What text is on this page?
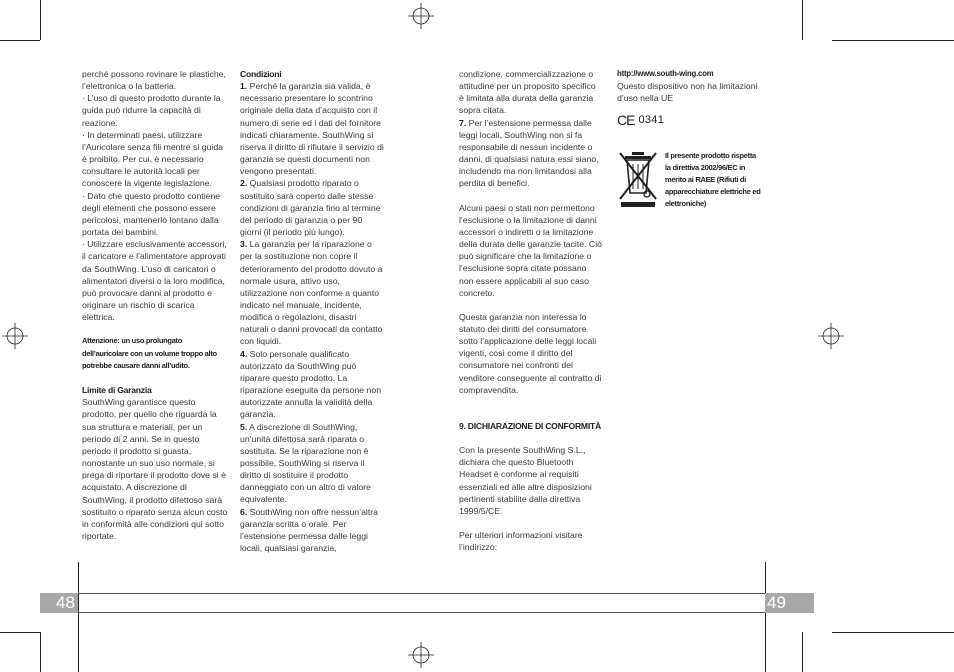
perché possono rovinare le plastiche, l’elettronica o la batteria.

· L’uso di questo prodotto durante la guida può ridurre la capacità di reazione.

· In determinati paesi, utilizzare l’Auricolare senza fili mentre si guida è proibito. Per cui, è necessario consultare le autorità locali per conoscere la vigente legislazione.

· Dato che questo prodotto contiene degli elementi che possono essere pericolosi, mantenerlo lontano dalla portata dei bambini.

· Utilizzare esclusivamente accessori, il caricatore e l’alimentatore approvati da SouthWing. L’uso di caricatori o alimentatori diversi o la loro modifica, può provocare danni al prodotto e originare un rischio di scarica elettrica.

Attenzione: un uso prolungato dell’auricolare con un volume troppo alto potrebbe causare danni all’udito.

Limite di Garanzia

SouthWing garantisce questo prodotto, per quello che riguarda la sua struttura e materiali, per un periodo di 2 anni. Se in questo periodo il prodotto si guasta, nonostante un suo uso normale, si prega di riportare il prodotto dove si è acquistato. A discrezione di SouthWing, il prodotto difettoso sarà sostituito o riparato senza alcun costo in conformità alle condizioni qui sotto riportate.

Condizioni

1. Perché la garanzia sia valida, è necessario presentare lo scontrino originale della data d’acquisto con il numero di serie ed i dati del fornitore indicati chiaramente. SouthWing si riserva il diritto di rifiutare il servizio di garanzia se questi documenti non vengono presentati.

2. Qualsiasi prodotto riparato o sostituito sarà coperto dalle stesse condizioni di garanzia fino al termine del periodo di garanzia o per 90 giorni (il periodo più lungo).

3. La garanzia per la riparazione o per la sostituzione non copre il deterioramento del prodotto dovuto a normale usura, attivo uso, utilizzazione non conforme a quanto indicato nel manuale, incidente, modifica o regolazioni, disastri naturali o danni provocati da contatto con liquidi.

4. Solo personale qualificato autorizzato da SouthWing può riparare questo prodotto. La riparazione eseguita da persone non autorizzate annulla la validità della garanzia.

5. A discrezione di SouthWing, un’unità difettosa sarà riparata o sostituita. Se la riparazione non è possibile, SouthWing si riserva il diritto di sostituire il prodotto danneggiato con un altro di valore equivalente.

6. SouthWing non offre nessun’altra garanzia scritta o orale. Per l’estensione permessa dalle leggi locali, qualsiasi garanzia,

condizione, commercializzazione o attitudine per un proposito specifico è limitata alla durata della garanzia sopra citata.

7. Per l’estensione permessa dalle leggi locali, SouthWing non si fa responsabile di nessun incidente o danni, di qualsiasi natura essi siano, includendo ma non limitandosi alla perdita di benefici.

Alcuni paesi o stati non permettono l’esclusione o la limitazione di danni accessori o indiretti o la limitazione della durata delle garanzie tacite. Ciò può significare che la limitazione o l’esclusione sopra citate possano non essere applicabili al suo caso concreto.

Questa garanzia non interessa lo statuto dei diritti del consumatore sotto l’applicazione delle leggi locali vigenti, così come il diritto del consumatore nei confronti del venditore conseguente al contratto di compravendita.

9. DICHIARAZIONE DI CONFORMITÀ

Con la presente SouthWing S.L., dichiara che questo Bluetooth Headset è conforme ai requisiti essenziali ed alle altre disposizioni pertinenti stabilite dalla direttiva 1999/5/CE.

Per ulteriori informazioni visitare l’indirizzo:

http://www.south-wing.com

Questo dispositivo non ha limitazioni d’uso nella UE

CE 0341

Il presente prodotto rispetta la direttiva 2002/96/EC in merito ai RAEE (Rifiuti di apparecchiature elettriche ed elettroniche)

48	49
